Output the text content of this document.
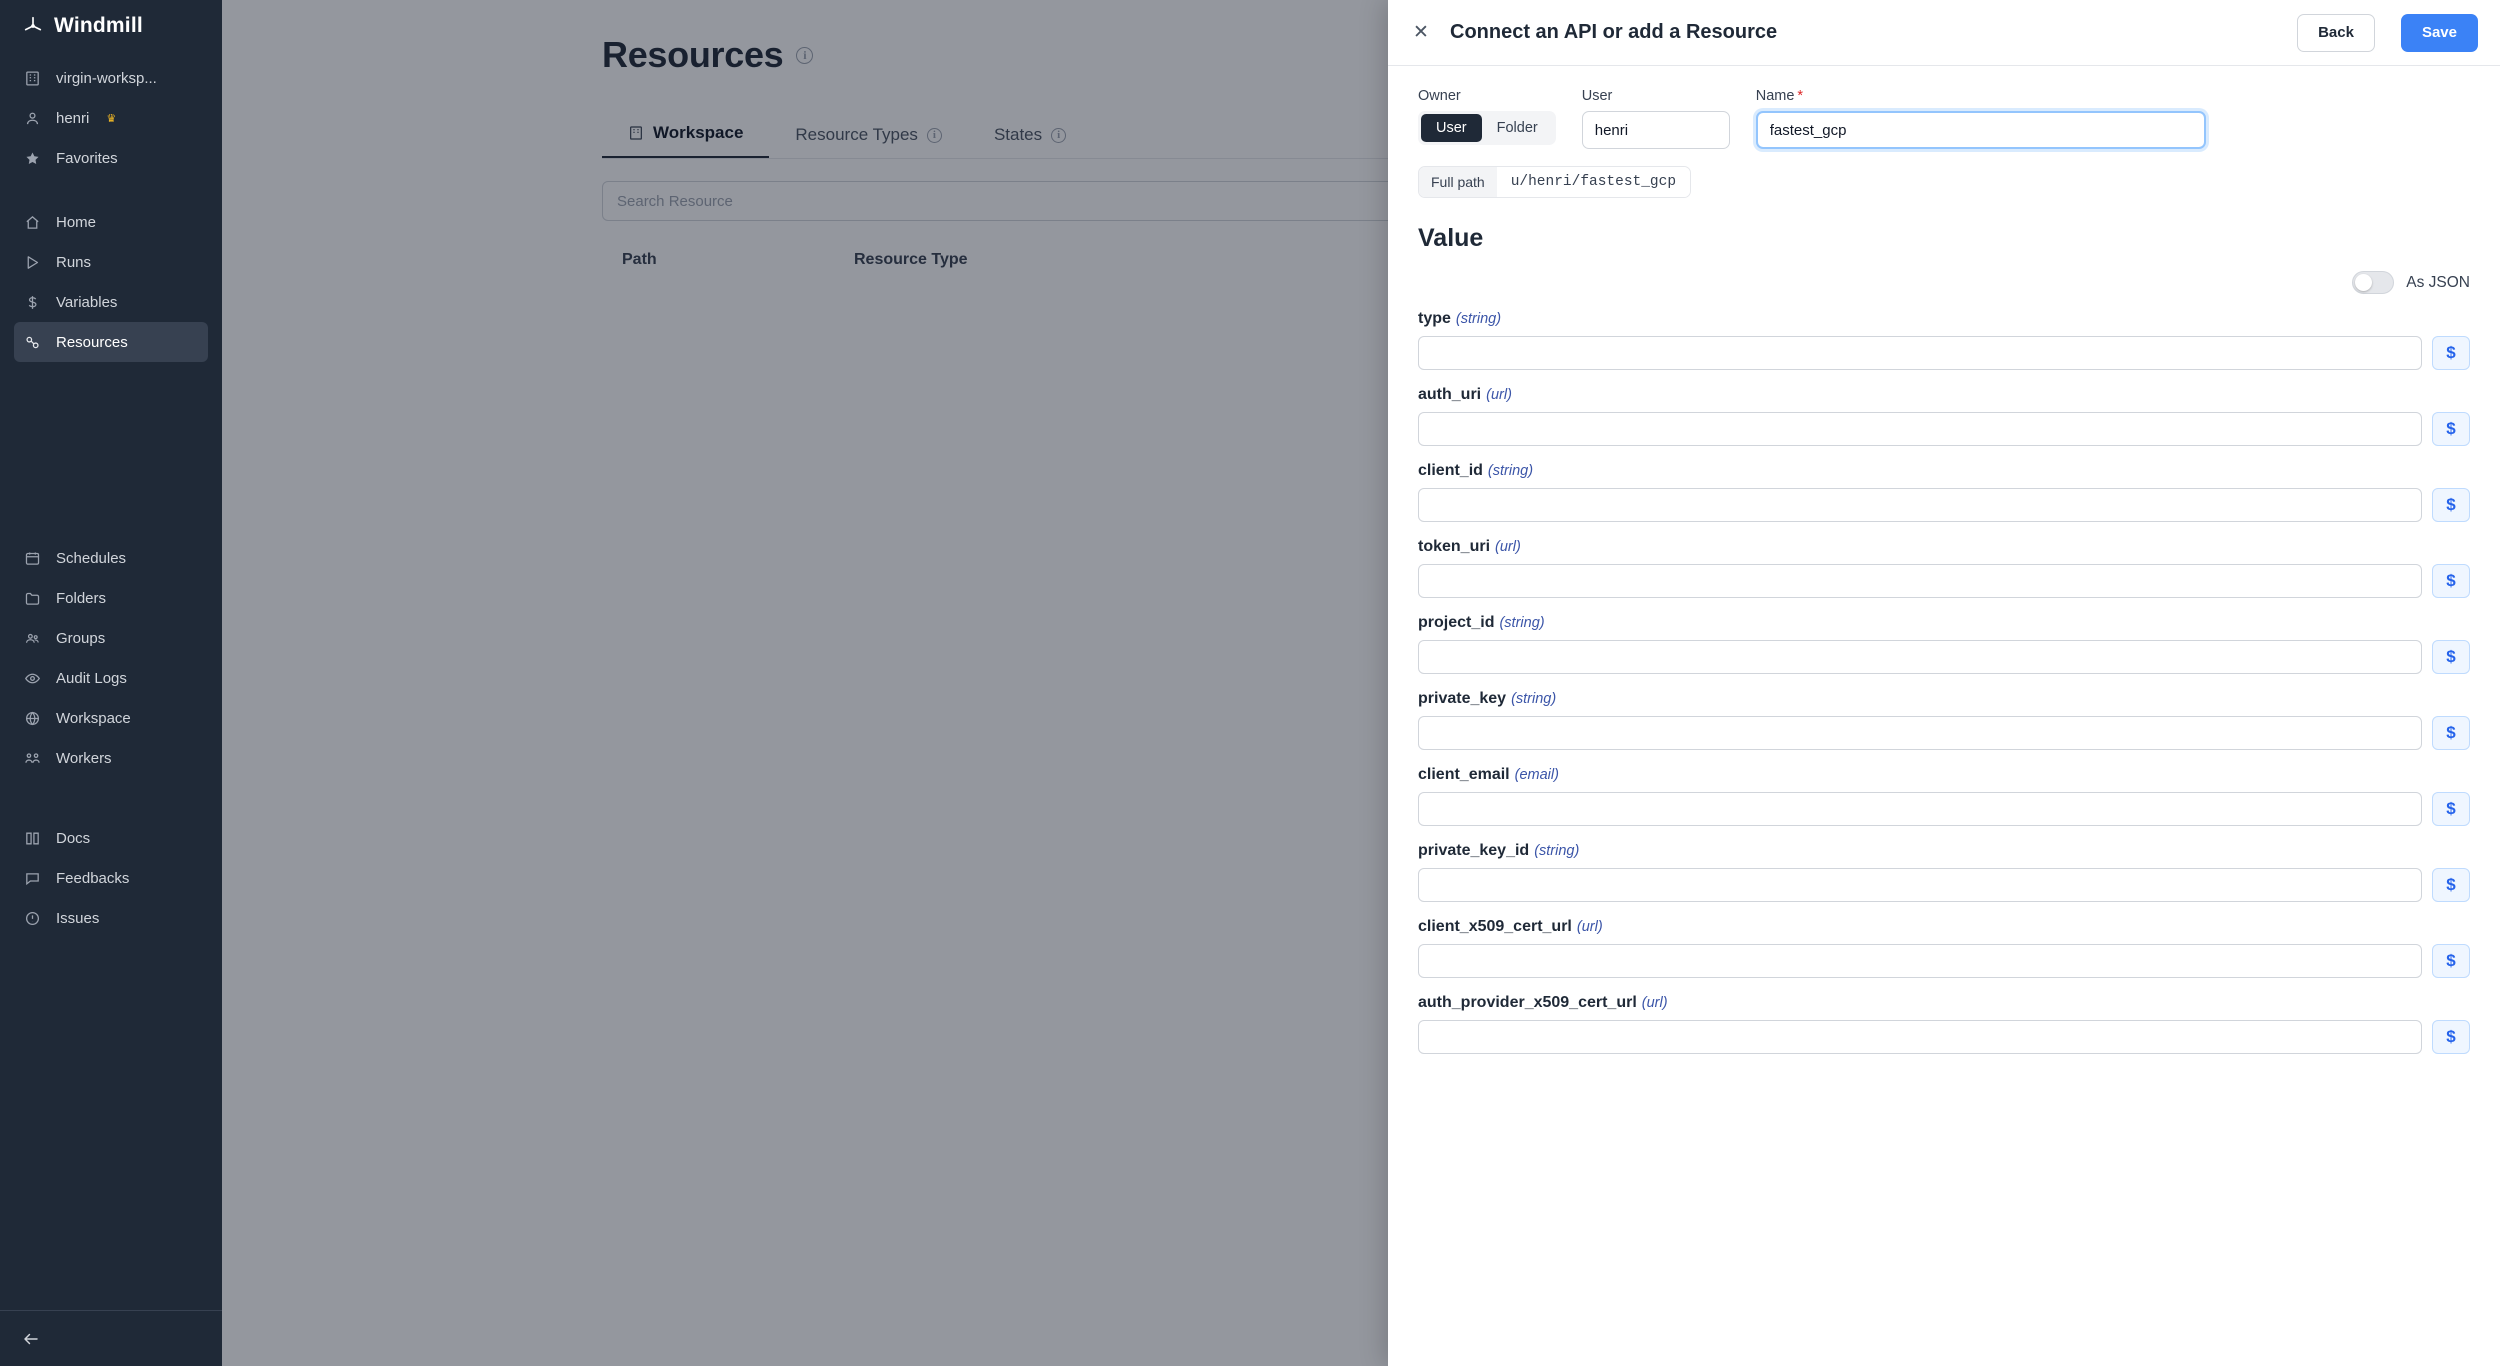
Windmill
virgin-worksp...
henri ♛
Favorites
Home
Runs
Variables
Resources
Schedules
Folders
Groups
Audit Logs
Workspace
Workers
Docs
Feedbacks
Issues
Resources	i
Workspace	Resource Types	i	States	i
Search Resource
Path	Resource Type
✕	Connect an API or add a Resource	Back	Save
Owner
User	Folder
User
henri	Name *
fastest_gcp
Full path	u/henri/fastest_gcp
Value
As JSON
type (string)
$
auth_uri (url)
$
client_id (string)
$
token_uri (url)
$
project_id (string)
$
private_key (string)
$
client_email (email)
$
private_key_id (string)
$
client_x509_cert_url (url)
$
auth_provider_x509_cert_url (url)
$
